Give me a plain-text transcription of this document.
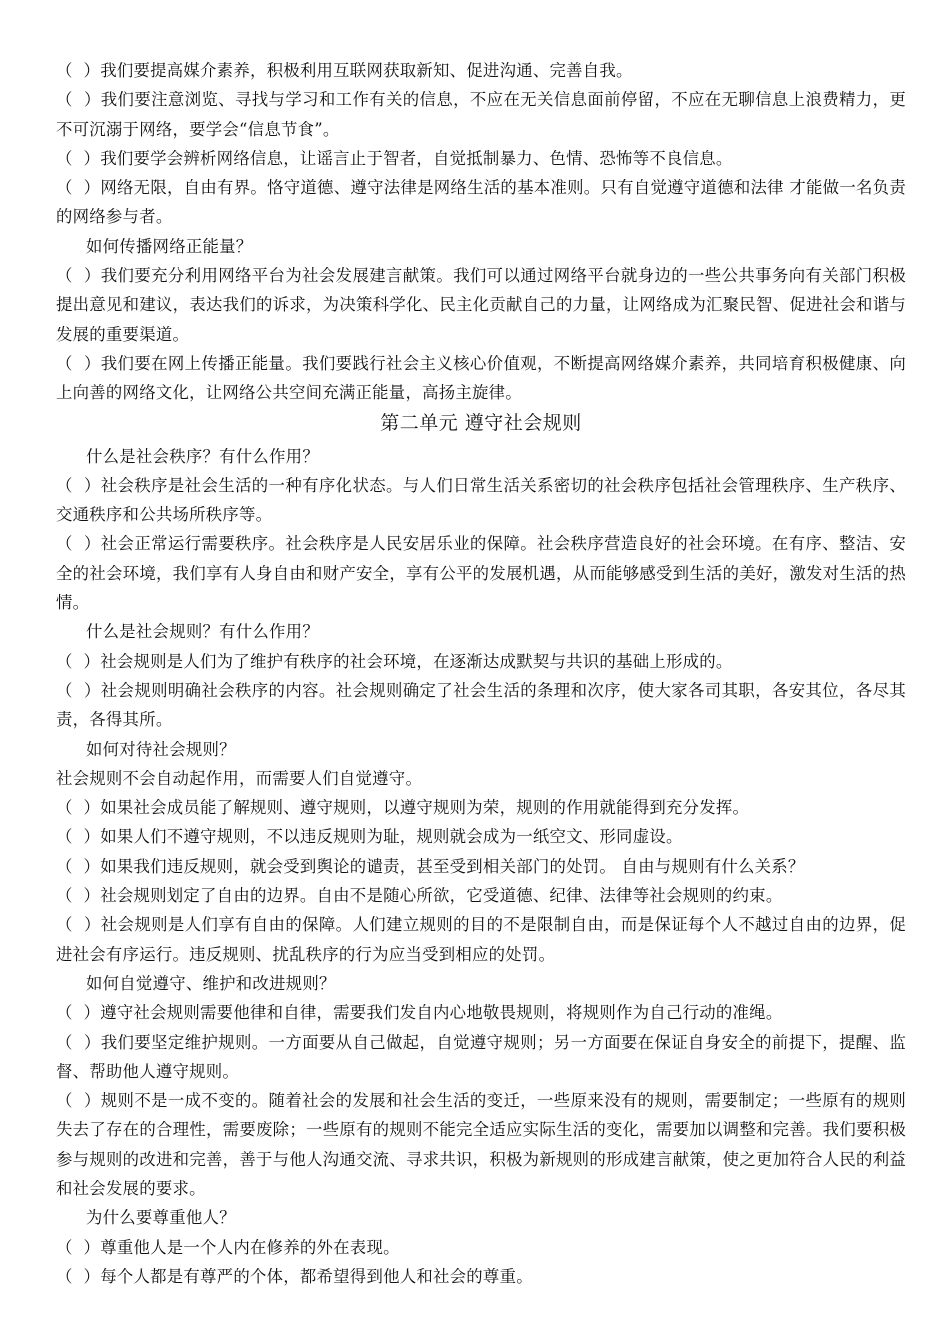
（  ）我们要提高媒介素养，积极利用互联网获取新知、促进沟通、完善自我。

（  ）我们要注意浏览、寻找与学习和工作有关的信息，不应在无关信息面前停留，不应在无聊信息上浪费精力，更不可沉溺于网络，要学会“信息节食”。

（  ）我们要学会辨析网络信息，让谣言止于智者，自觉抵制暴力、色情、恐怖等不良信息。

（  ）网络无限，自由有界。恪守道德、遵守法律是网络生活的基本准则。只有自觉遵守道德和法律 才能做一名负责的网络参与者。

如何传播网络正能量？

（  ）我们要充分利用网络平台为社会发展建言献策。我们可以通过网络平台就身边的一些公共事务向有关部门积极提出意见和建议，表达我们的诉求，为决策科学化、民主化贡献自己的力量，让网络成为汇聚民智、促进社会和谐与发展的重要渠道。

（  ）我们要在网上传播正能量。我们要践行社会主义核心价值观，不断提高网络媒介素养，共同培育积极健康、向上向善的网络文化，让网络公共空间充满正能量，高扬主旋律。

第二单元 遵守社会规则

什么是社会秩序？有什么作用？

（  ）社会秩序是社会生活的一种有序化状态。与人们日常生活关系密切的社会秩序包括社会管理秩序、生产秩序、交通秩序和公共场所秩序等。

（  ）社会正常运行需要秩序。社会秩序是人民安居乐业的保障。社会秩序营造良好的社会环境。在有序、整洁、安全的社会环境，我们享有人身自由和财产安全，享有公平的发展机遇，从而能够感受到生活的美好，激发对生活的热情。

什么是社会规则？有什么作用？

（  ）社会规则是人们为了维护有秩序的社会环境，在逐渐达成默契与共识的基础上形成的。

（  ）社会规则明确社会秩序的内容。社会规则确定了社会生活的条理和次序，使大家各司其职，各安其位，各尽其责，各得其所。

如何对待社会规则？

社会规则不会自动起作用，而需要人们自觉遵守。

（  ）如果社会成员能了解规则、遵守规则，以遵守规则为荣，规则的作用就能得到充分发挥。

（  ）如果人们不遵守规则，不以违反规则为耻，规则就会成为一纸空文、形同虚设。

（  ）如果我们违反规则，就会受到舆论的谴责，甚至受到相关部门的处罚。 自由与规则有什么关系？

（  ）社会规则划定了自由的边界。自由不是随心所欲，它受道德、纪律、法律等社会规则的约束。

（  ）社会规则是人们享有自由的保障。人们建立规则的目的不是限制自由，而是保证每个人不越过自由的边界，促进社会有序运行。违反规则、扰乱秩序的行为应当受到相应的处罚。

如何自觉遵守、维护和改进规则？

（  ）遵守社会规则需要他律和自律，需要我们发自内心地敬畏规则，将规则作为自己行动的准绳。

（  ）我们要坚定维护规则。一方面要从自己做起，自觉遵守规则；另一方面要在保证自身安全的前提下，提醒、监督、帮助他人遵守规则。

（  ）规则不是一成不变的。随着社会的发展和社会生活的变迁，一些原来没有的规则，需要制定；一些原有的规则失去了存在的合理性，需要废除；一些原有的规则不能完全适应实际生活的变化，需要加以调整和完善。我们要积极参与规则的改进和完善，善于与他人沟通交流、寻求共识，积极为新规则的形成建言献策，使之更加符合人民的利益和社会发展的要求。

为什么要尊重他人？

（  ）尊重他人是一个人内在修养的外在表现。

（  ）每个人都是有尊严的个体，都希望得到他人和社会的尊重。
